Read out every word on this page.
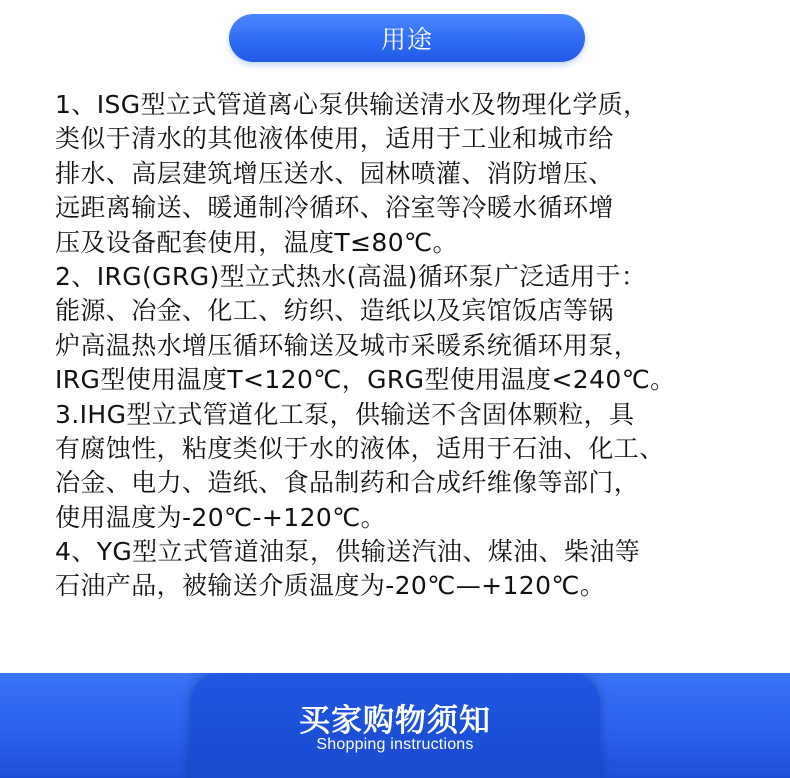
用途
1、ISG型立式管道离心泵供输送清水及物理化学质，
类似于清水的其他液体使用，适用于工业和城市给
排水、高层建筑增压送水、园林喷灌、消防增压、
远距离输送、暖通制冷循环、浴室等冷暖水循环增
压及设备配套使用，温度T≤80℃。
2、IRG(GRG)型立式热水(高温)循环泵广泛适用于：
能源、冶金、化工、纺织、造纸以及宾馆饭店等锅
炉高温热水增压循环输送及城市采暖系统循环用泵，
IRG型使用温度T<120℃，GRG型使用温度<240℃。
3.IHG型立式管道化工泵，供输送不含固体颗粒，具
有腐蚀性，粘度类似于水的液体，适用于石油、化工、
冶金、电力、造纸、食品制药和合成纤维像等部门，
使用温度为-20℃-+120℃。
4、YG型立式管道油泵，供输送汽油、煤油、柴油等
石油产品，被输送介质温度为-20℃—+120℃。
买家购物须知
Shopping instructions
